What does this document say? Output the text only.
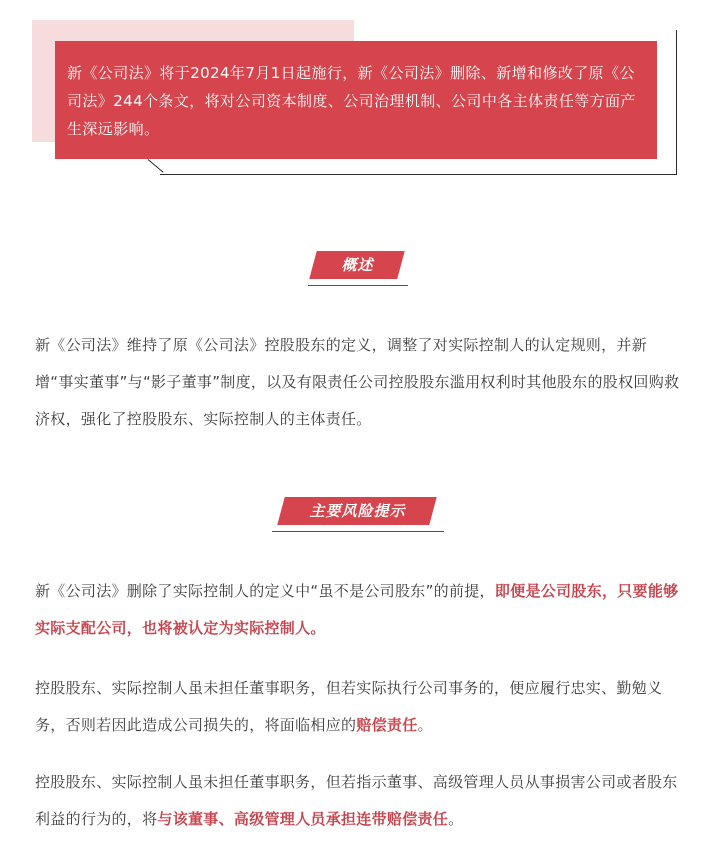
新《公司法》将于2024年7月1日起施行，新《公司法》删除、新增和修改了原《公司法》244个条文，将对公司资本制度、公司治理机制、公司中各主体责任等方面产生深远影响。

概述

新《公司法》维持了原《公司法》控股股东的定义，调整了对实际控制人的认定规则，并新增“事实董事”与“影子董事”制度，以及有限责任公司控股股东滥用权利时其他股东的股权回购救济权，强化了控股股东、实际控制人的主体责任。

主要风险提示

新《公司法》删除了实际控制人的定义中“虽不是公司股东”的前提，即便是公司股东，只要能够实际支配公司，也将被认定为实际控制人。

控股股东、实际控制人虽未担任董事职务，但若实际执行公司事务的，便应履行忠实、勤勉义务，否则若因此造成公司损失的，将面临相应的赔偿责任。

控股股东、实际控制人虽未担任董事职务，但若指示董事、高级管理人员从事损害公司或者股东利益的行为的，将与该董事、高级管理人员承担连带赔偿责任。
